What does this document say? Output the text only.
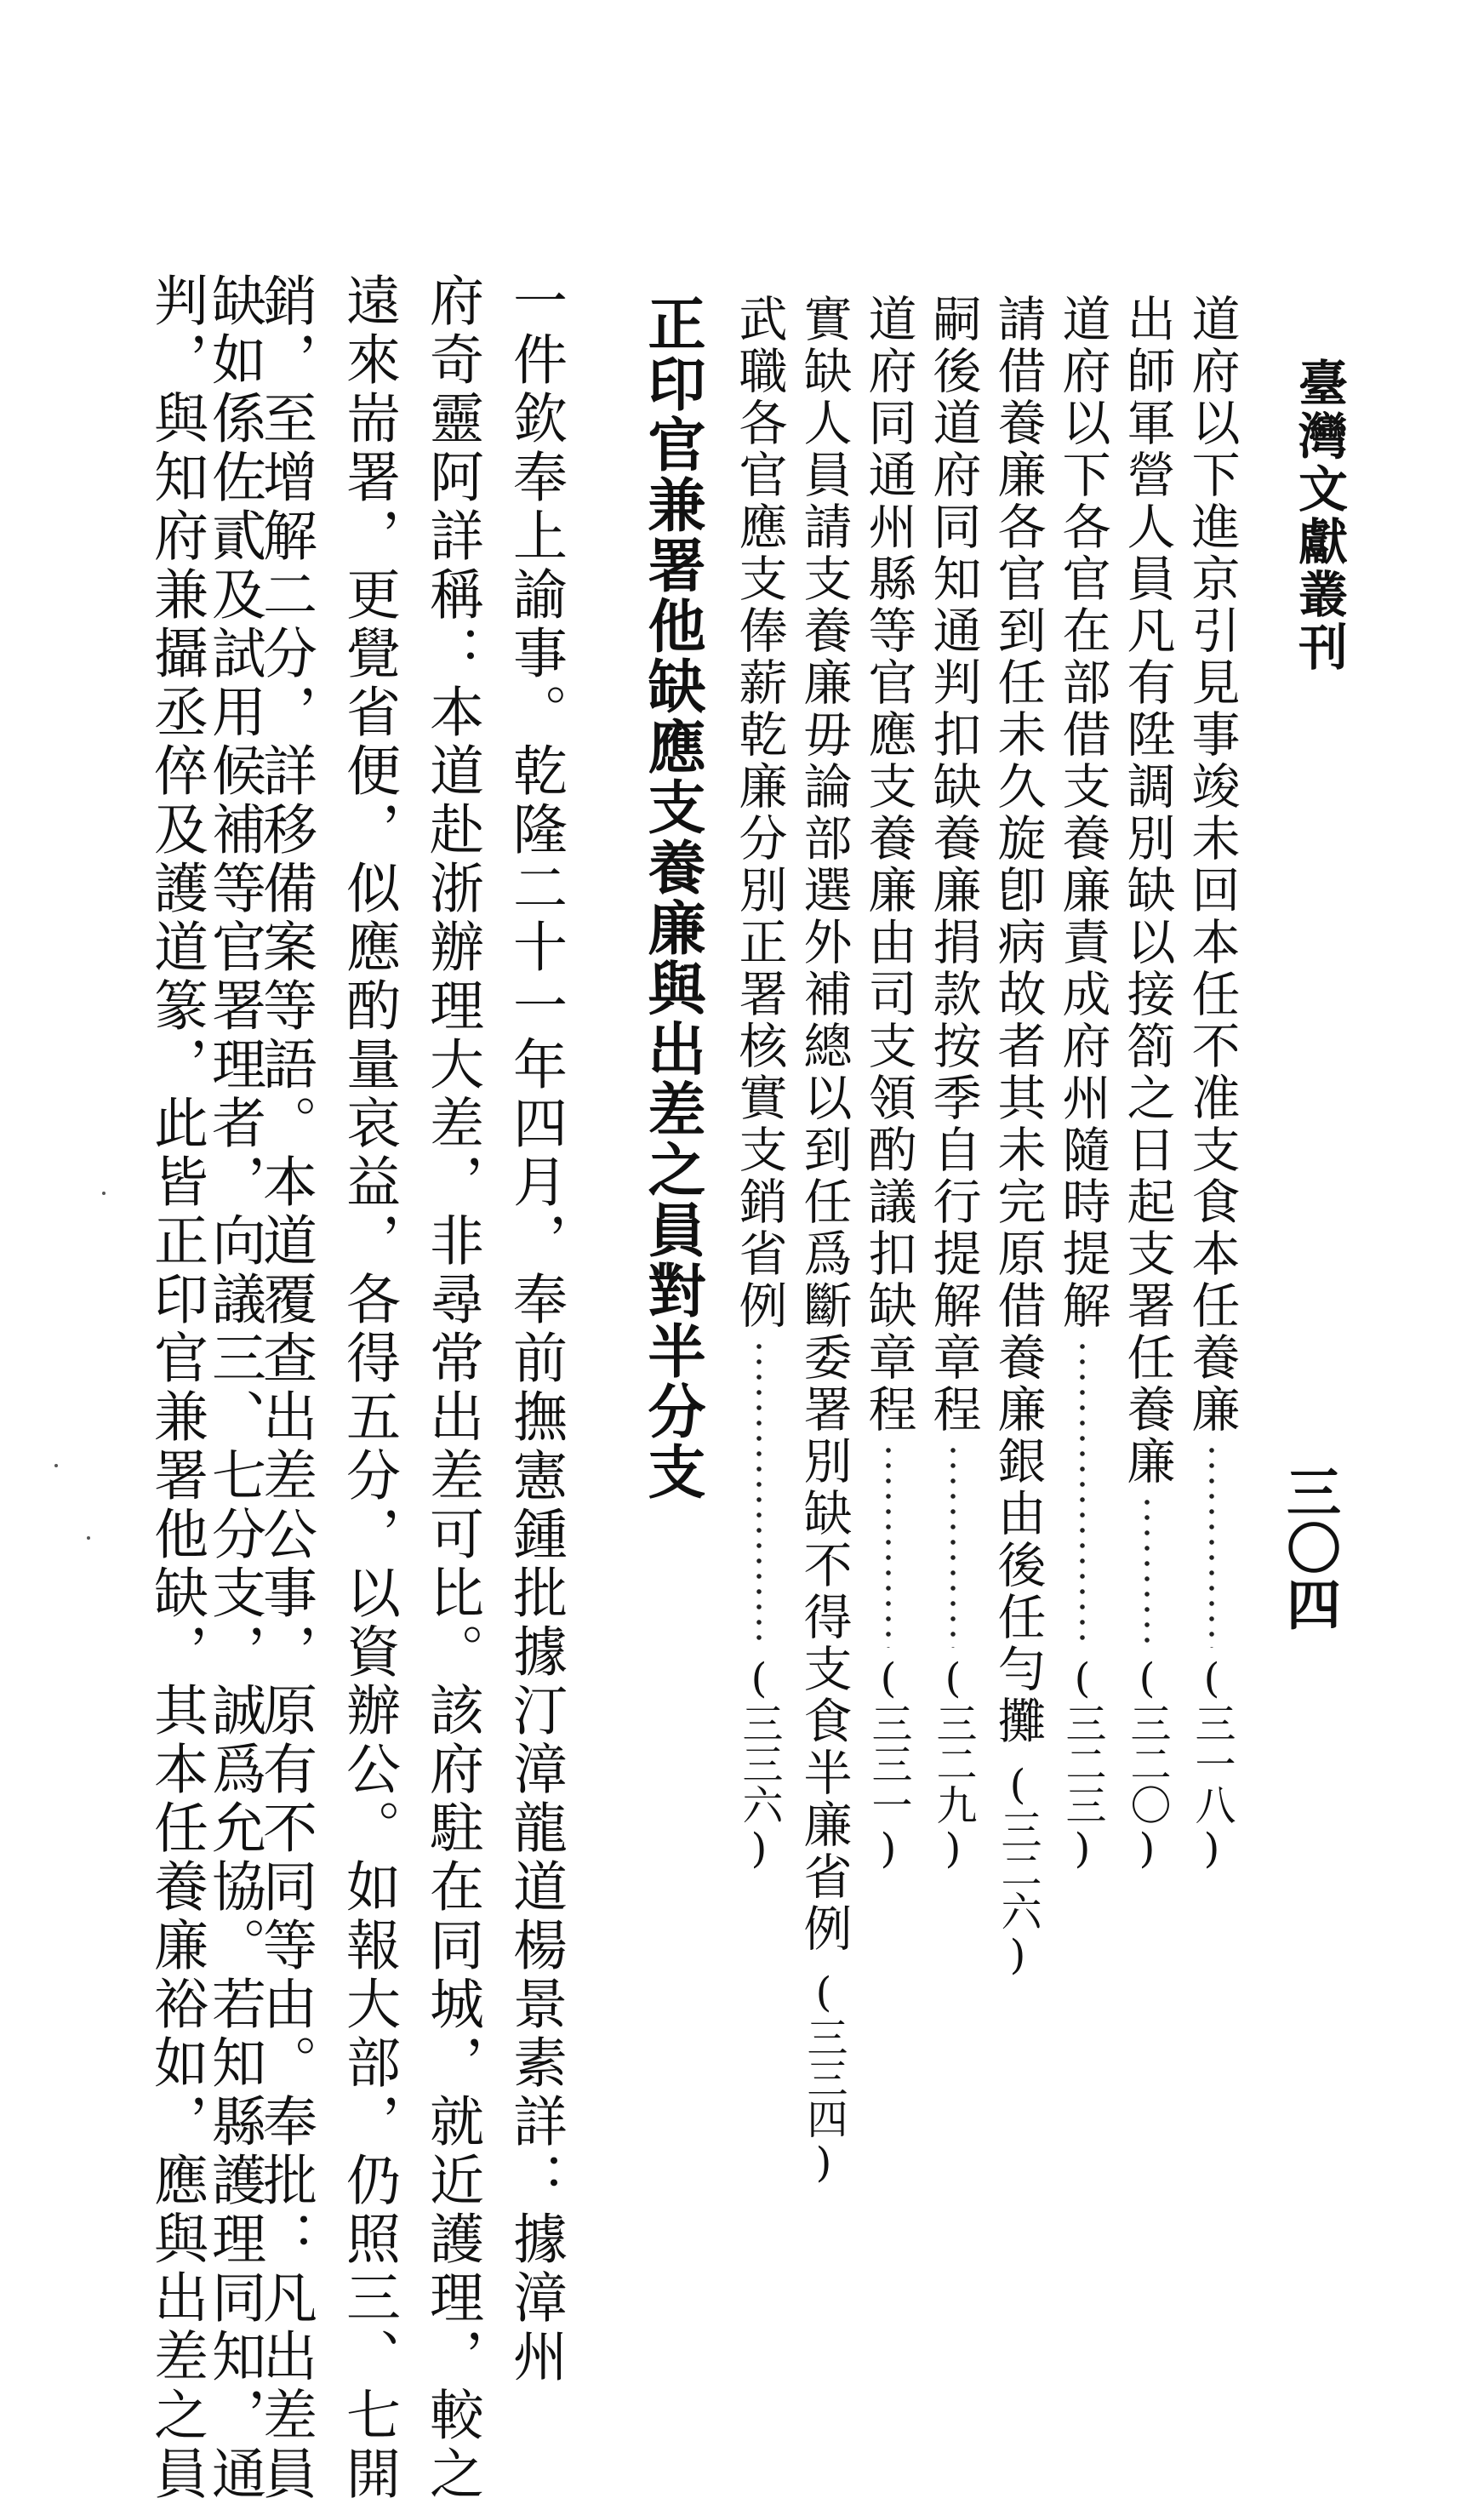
臺灣文獻叢刊
三〇四
道府以下進京引見事竣未回本任不准支食本任養廉
(三一八)
出師軍營人員凡有陞調別缺以接箚之日起支署任養廉
(三二〇)
道府以下各官在部借支養廉責成府州隨時提解
(三二三)
請借養廉各官到任未久旋卽病故者其未完原借養廉銀由後任勻攤
(三二六)
嗣後道府同知通判扣缺養廉捐款按季自行提解章程
(三二九)
道府同通州縣等官應支養廉由司支領酌議扣缺章程
(三三一)
實缺人員請支養廉毋論部選外補總以到任爲斷委署別缺不得支食半廉省例
(三三四)
武職各官應支俸薪乾廉分別正署核實支銷省例
(三三六)
正印官兼署他缺應支養廉與出差之員對半分支
一件欽奉上諭事。乾隆二十一年四月，奉前撫憲鍾批據汀漳龍道楊景素詳：據漳州
府奇靈阿詳稱：本道赴浙辦理大差，非尋常出差可比。該府駐在同城，就近護理，較之
遠來耑署，更覺省便，似應酌量哀益，各得五分，以資辦公。如報大部，仍照三、七開
銷，至增解二分，詳移備案等語。本道覆查出差公事，原有不同等由。奉批：凡出差員
缺如係佐貳及試用候補等官署理者，向議三、七分支，誠爲允協。若知縣護理同知，通
判，與知府兼攝丞倅及護道篆，此皆正印官兼署他缺，其本任養廉裕如，應與出差之員
